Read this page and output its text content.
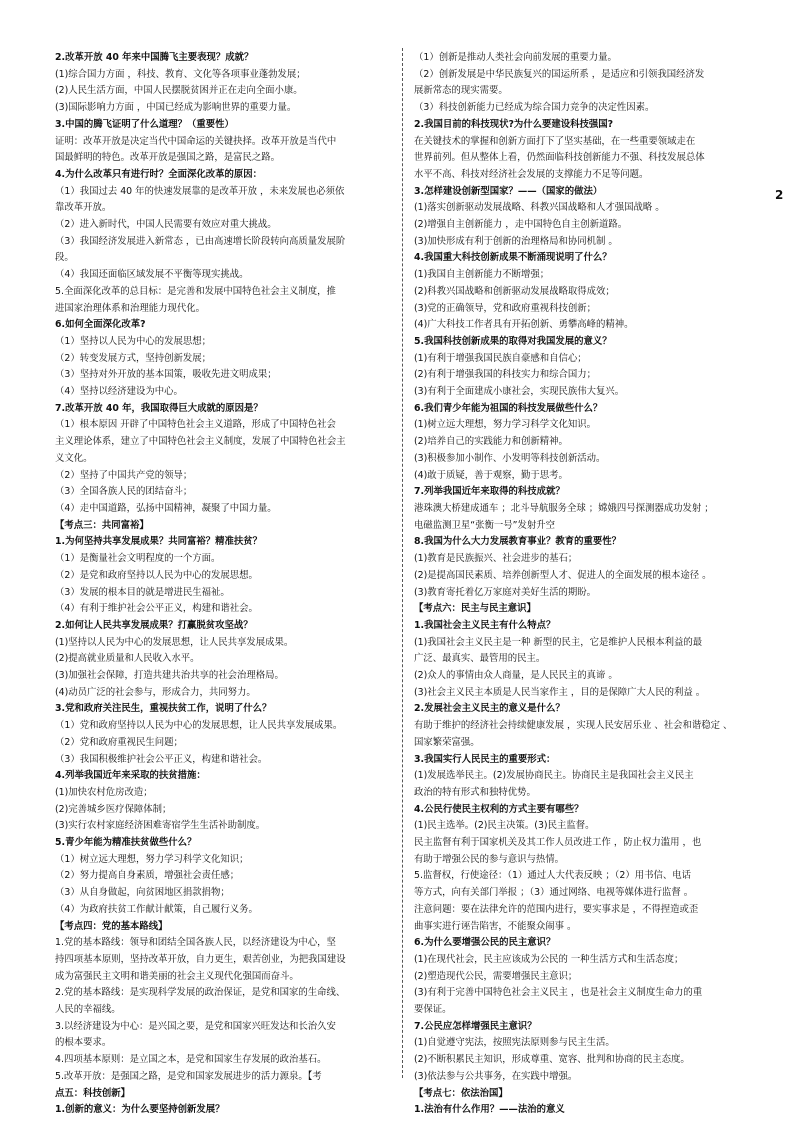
2.改革开放 40 年来中国腾飞主要表现？成就？
(1)综合国力方面 ，科技、教育、文化等各项事业蓬勃发展；
(2)人民生活方面，中国人民摆脱贫困并正在走向全面小康。
(3)国际影响力方面 ，中国已经成为影响世界的重要力量。
3.中国的腾飞证明了什么道理？（重要性）
证明：改革开放是决定当代中国命运的关键抉择。改革开放是当代中
国最鲜明的特色。改革开放是强国之路，是富民之路。
4.为什么改革只有进行时？全面深化改革的原因：
（1）我国过去 40 年的快速发展靠的是改革开放 ，未来发展也必须依
靠改革开放。
（2）进入新时代，中国人民需要有效应对重大挑战。
（3）我国经济发展进入新常态 ，已由高速增长阶段转向高质量发展阶
段。
（4）我国还面临区域发展不平衡等现实挑战。
5.全面深化改革的总目标：是完善和发展中国特色社会主义制度，推
进国家治理体系和治理能力现代化。
6.如何全面深化改革?
（1）坚持以人民为中心的发展思想；
（2）转变发展方式，坚持创新发展；
（3）坚持对外开放的基本国策，吸收先进文明成果；
（4）坚持以经济建设为中心。
7.改革开放 40 年，我国取得巨大成就的原因是？
（1）根本原因 开辟了中国特色社会主义道路，形成了中国特色社会
主义理论体系，建立了中国特色社会主义制度，发展了中国特色社会主
义文化。
（2）坚持了中国共产党的领导；
（3）全国各族人民的团结奋斗；
（4）走中国道路，弘扬中国精神，凝聚了中国力量。
【考点三：共同富裕】
1.为何坚持共享发展成果？共同富裕？精准扶贫？
（1）是衡量社会文明程度的一个方面。
（2）是党和政府坚持以人民为中心的发展思想。
（3）发展的根本目的就是增进民生福祉。
（4）有利于维护社会公平正义，构建和谐社会。
2.如何让人民共享发展成果？打赢脱贫攻坚战？
(1)坚持以人民为中心的发展思想，让人民共享发展成果。
(2)提高就业质量和人民收入水平。
(3)加强社会保障，打造共建共治共享的社会治理格局。
(4)动员广泛的社会参与，形成合力，共同努力。
3.党和政府关注民生，重视扶贫工作，说明了什么？
（1）党和政府坚持以人民为中心的发展思想，让人民共享发展成果。
（2）党和政府重视民生问题；
（3）我国积极维护社会公平正义，构建和谐社会。
4.列举我国近年来采取的扶贫措施：
(1)加快农村危房改造；
(2)完善城乡医疗保障体制；
(3)实行农村家庭经济困难寄宿学生生活补助制度。
5.青少年能为精准扶贫做些什么？
（1）树立远大理想，努力学习科学文化知识；
（2）努力提高自身素质，增强社会责任感；
（3）从自身做起，向贫困地区捐款捐物；
（4）为政府扶贫工作献计献策，自己履行义务。
【考点四：党的基本路线】
1.党的基本路线：领导和团结全国各族人民，以经济建设为中心，坚
持四项基本原则，坚持改革开放，自力更生，艰苦创业，为把我国建设
成为富强民主文明和谐美丽的社会主义现代化强国而奋斗。
2.党的基本路线：是实现科学发展的政治保证，是党和国家的生命线、
人民的幸福线。
3.以经济建设为中心：是兴国之要，是党和国家兴旺发达和长治久安
的根本要求。
4.四项基本原则：是立国之本，是党和国家生存发展的政治基石。
5.改革开放：是强国之路，是党和国家发展进步的活力源泉。【考
点五：科技创新】
1.创新的意义：为什么要坚持创新发展？
（1）创新是推动人类社会向前发展的重要力量。
（2）创新发展是中华民族复兴的国运所系 ，是适应和引领我国经济发
展新常态的现实需要。
（3）科技创新能力已经成为综合国力竞争的决定性因素。
2.我国目前的科技现状?为什么要建设科技强国?
在关键技术的掌握和创新方面打下了坚实基础，在一些重要领域走在
世界前列。但从整体上看，仍然面临科技创新能力不强、科技发展总体
水平不高、科技对经济社会发展的支撑能力不足等问题。
3.怎样建设创新型国家？——（国家的做法）
(1)落实创新驱动发展战略、科教兴国战略和人才强国战略 。
(2)增强自主创新能力 ，走中国特色自主创新道路。
(3)加快形成有利于创新的治理格局和协同机制 。
4.我国重大科技创新成果不断涌现说明了什么？
(1)我国自主创新能力不断增强；
(2)科教兴国战略和创新驱动发展战略取得成效；
(3)党的正确领导，党和政府重视科技创新；
(4)广大科技工作者具有开拓创新、勇攀高峰的精神。
5.我国科技创新成果的取得对我国发展的意义？
(1)有利于增强我国民族自豪感和自信心；
(2)有利于增强我国的科技实力和综合国力；
(3)有利于全面建成小康社会，实现民族伟大复兴。
6.我们青少年能为祖国的科技发展做些什么？
(1)树立远大理想，努力学习科学文化知识。
(2)培养自己的实践能力和创新精神。
(3)积极参加小制作、小发明等科技创新活动。
(4)敢于质疑，善于观察，勤于思考。
7.列举我国近年来取得的科技成就？
港珠澳大桥建成通车 ；北斗导航服务全球 ；嫦娥四号探测器成功发射 ；
电磁监测卫星“张衡一号”发射升空
8.我国为什么大力发展教育事业？教育的重要性？
(1)教育是民族振兴、社会进步的基石；
(2)是提高国民素质、培养创新型人才、促进人的全面发展的根本途径 。
(3)教育寄托着亿万家庭对美好生活的期盼。
【考点六：民主与民主意识】
1.我国社会主义民主有什么特点？
(1)我国社会主义民主是一种 新型的民主，它是维护人民根本利益的最
广泛、最真实、最管用的民主。
(2)众人的事情由众人商量，是人民民主的真谛 。
(3)社会主义民主本质是人民当家作主 ，目的是保障广大人民的利益 。
2.发展社会主义民主的意义是什么？
有助于维护的经济社会持续健康发展 ，实现人民安居乐业 、社会和谐稳定 、
国家繁荣富强。
3.我国实行人民民主的重要形式：
(1)发展选举民主。(2)发展协商民主。协商民主是我国社会主义民主
政治的特有形式和独特优势。
4.公民行使民主权利的方式主要有哪些？
(1)民主选举。(2)民主决策。(3)民主监督。
民主监督有利于国家机关及其工作人员改进工作 ，防止权力滥用 ，也
有助于增强公民的参与意识与热情。
5.监督权，行使途径：（1）通过人大代表反映 ；（2）用书信、电话
等方式，向有关部门举报 ；（3）通过网络、电视等媒体进行监督 。
注意问题：要在法律允许的范围内进行，要实事求是 ，不得捏造或歪
曲事实进行诬告陷害，不能聚众闹事 。
6.为什么要增强公民的民主意识？
(1)在现代社会，民主应该成为公民的 一种生活方式和生活态度；
(2)塑造现代公民，需要增强民主意识；
(3)有利于完善中国特色社会主义民主 ，也是社会主义制度生命力的重
要保证。
7.公民应怎样增强民主意识？
(1)自觉遵守宪法，按照宪法原则参与民主生活。
(2)不断积累民主知识，形成尊重、宽容、批判和协商的民主态度。
(3)依法参与公共事务，在实践中增强。
【考点七：依法治国】
1.法治有什么作用？——法治的意义
2
